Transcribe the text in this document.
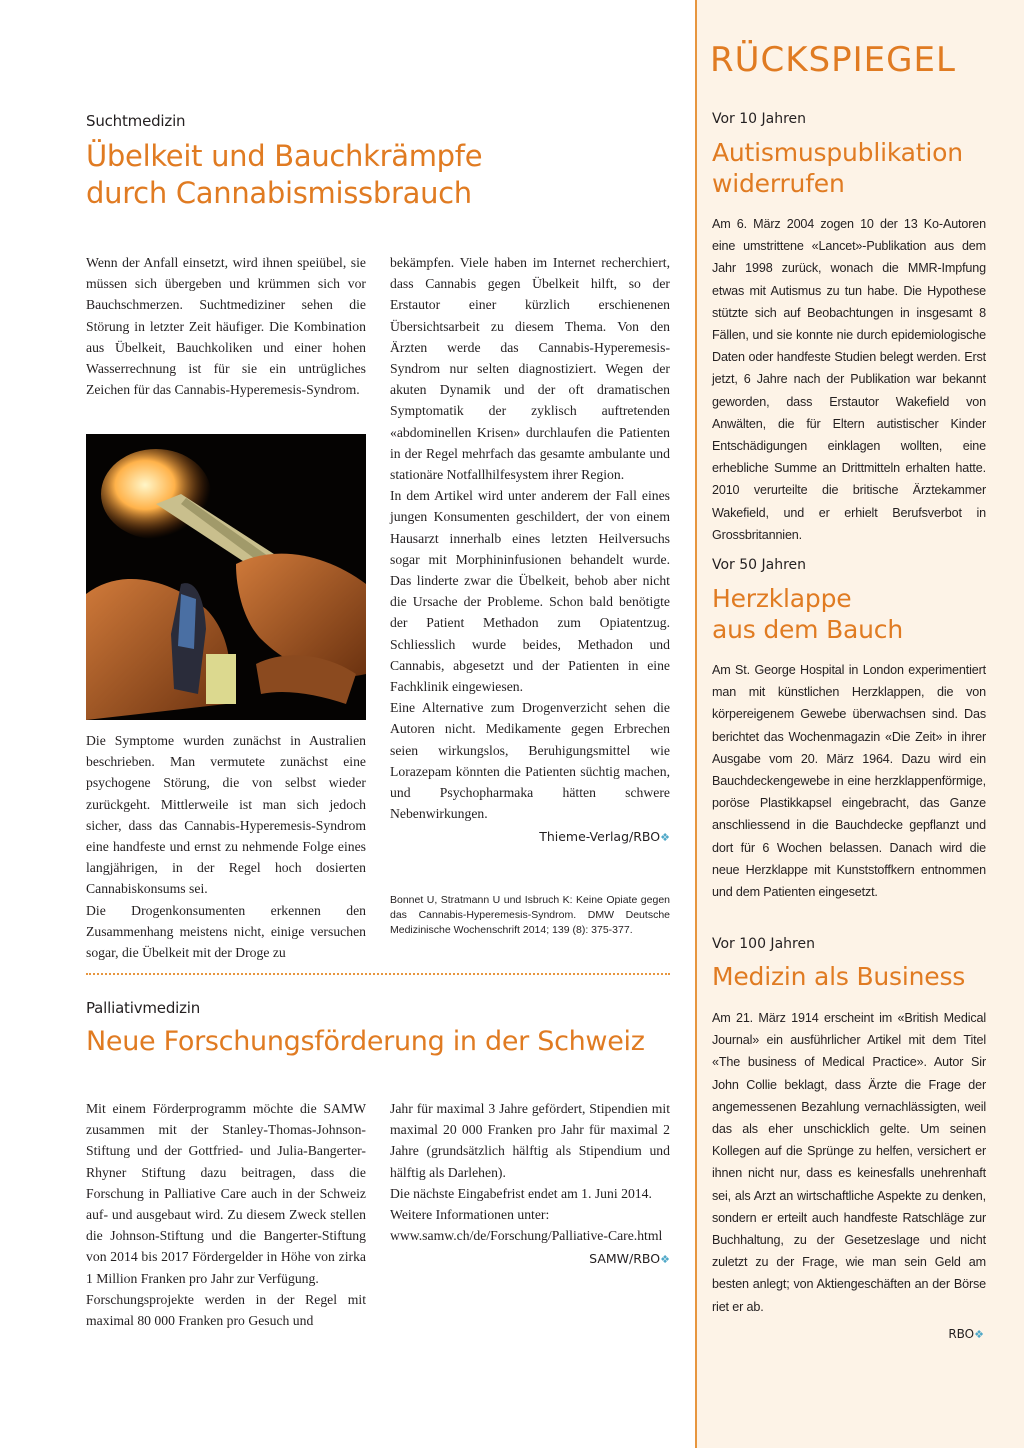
Suchtmedizin
Übelkeit und Bauchkrämpfe
durch Cannabismissbrauch

Wenn der Anfall einsetzt, wird ihnen speiübel, sie müssen sich übergeben und krümmen sich vor Bauchschmerzen. Suchtmediziner sehen die Störung in letzter Zeit häufiger. Die Kombination aus Übelkeit, Bauchkoliken und einer hohen Wasserrechnung ist für sie ein untrügliches Zeichen für das Cannabis-Hyperemesis-Syndrom.

Die Symptome wurden zunächst in Australien beschrieben. Man vermutete zunächst eine psychogene Störung, die von selbst wieder zurückgeht. Mittlerweile ist man sich jedoch sicher, dass das Cannabis-Hyperemesis-Syndrom eine handfeste und ernst zu nehmende Folge eines langjährigen, in der Regel hoch dosierten Cannabiskonsums sei.

Die Drogenkonsumenten erkennen den Zusammenhang meistens nicht, einige versuchen sogar, die Übelkeit mit der Droge zu

bekämpfen. Viele haben im Internet recherchiert, dass Cannabis gegen Übelkeit hilft, so der Erstautor einer kürzlich erschienenen Übersichtsarbeit zu diesem Thema. Von den Ärzten werde das Cannabis-Hyperemesis-Syndrom nur selten diagnostiziert. Wegen der akuten Dynamik und der oft dramatischen Symptomatik der zyklisch auftretenden «abdominellen Krisen» durchlaufen die Patienten in der Regel mehrfach das gesamte ambulante und stationäre Notfallhilfesystem ihrer Region.

In dem Artikel wird unter anderem der Fall eines jungen Konsumenten geschildert, der von einem Hausarzt innerhalb eines letzten Heilversuchs sogar mit Morphininfusionen behandelt wurde. Das linderte zwar die Übelkeit, behob aber nicht die Ursache der Probleme. Schon bald benötigte der Patient Methadon zum Opiatentzug. Schliesslich wurde beides, Methadon und Cannabis, abgesetzt und der Patienten in eine Fachklinik eingewiesen.

Eine Alternative zum Drogenverzicht sehen die Autoren nicht. Medikamente gegen Erbrechen seien wirkungslos, Beruhigungsmittel wie Lorazepam könnten die Patienten süchtig machen, und Psychopharmaka hätten schwere Nebenwirkungen.

Thieme-Verlag/RBO❖
Bonnet U, Stratmann U und Isbruch K: Keine Opiate gegen das Cannabis-Hyperemesis-Syndrom. DMW Deutsche Medizinische Wochenschrift 2014; 139 (8): 375-377.
Palliativmedizin
Neue Forschungsförderung in der Schweiz

Mit einem Förderprogramm möchte die SAMW zusammen mit der Stanley-Thomas-Johnson-Stiftung und der Gottfried- und Julia-Bangerter-Rhyner Stiftung dazu beitragen, dass die Forschung in Palliative Care auch in der Schweiz auf- und ausgebaut wird. Zu diesem Zweck stellen die Johnson-Stiftung und die Bangerter-Stiftung von 2014 bis 2017 Fördergelder in Höhe von zirka 1 Million Franken pro Jahr zur Verfügung.

Forschungsprojekte werden in der Regel mit maximal 80 000 Franken pro Gesuch und

Jahr für maximal 3 Jahre gefördert, Stipendien mit maximal 20 000 Franken pro Jahr für maximal 2 Jahre (grundsätzlich hälftig als Stipendium und hälftig als Darlehen).

Die nächste Eingabefrist endet am 1. Juni 2014. Weitere Informationen unter: www.samw.ch/de/Forschung/Palliative-Care.html

SAMW/RBO❖
RÜCKSPIEGEL
Vor 10 Jahren
Autismuspublikation
widerrufen

Am 6. März 2004 zogen 10 der 13 Ko-Autoren eine umstrittene «Lancet»-Publikation aus dem Jahr 1998 zurück, wonach die MMR-Impfung etwas mit Autismus zu tun habe. Die Hypothese stützte sich auf Beobachtungen in insgesamt 8 Fällen, und sie konnte nie durch epidemiologische Daten oder handfeste Studien belegt werden. Erst jetzt, 6 Jahre nach der Publikation war bekannt geworden, dass Erstautor Wakefield von Anwälten, die für Eltern autistischer Kinder Entschädigungen einklagen wollten, eine erhebliche Summe an Drittmitteln erhalten hatte. 2010 verurteilte die britische Ärztekammer Wakefield, und er erhielt Berufsverbot in Grossbritannien.

Vor 50 Jahren
Herzklappe
aus dem Bauch

Am St. George Hospital in London experimentiert man mit künstlichen Herzklappen, die von körpereigenem Gewebe überwachsen sind. Das berichtet das Wochenmagazin «Die Zeit» in ihrer Ausgabe vom 20. März 1964. Dazu wird ein Bauchdeckengewebe in eine herzklappenförmige, poröse Plastikkapsel eingebracht, das Ganze anschliessend in die Bauchdecke gepflanzt und dort für 6 Wochen belassen. Danach wird die neue Herzklappe mit Kunststoffkern entnommen und dem Patienten eingesetzt.

Vor 100 Jahren
Medizin als Business

Am 21. März 1914 erscheint im «British Medical Journal» ein ausführlicher Artikel mit dem Titel «The business of Medical Practice». Autor Sir John Collie beklagt, dass Ärzte die Frage der angemessenen Bezahlung vernachlässigten, weil das als eher unschicklich gelte. Um seinen Kollegen auf die Sprünge zu helfen, versichert er ihnen nicht nur, dass es keinesfalls unehrenhaft sei, als Arzt an wirtschaftliche Aspekte zu denken, sondern er erteilt auch handfeste Ratschläge zur Buchhaltung, zu der Gesetzeslage und nicht zuletzt zu der Frage, wie man sein Geld am besten anlegt; von Aktiengeschäften an der Börse riet er ab.

RBO❖
